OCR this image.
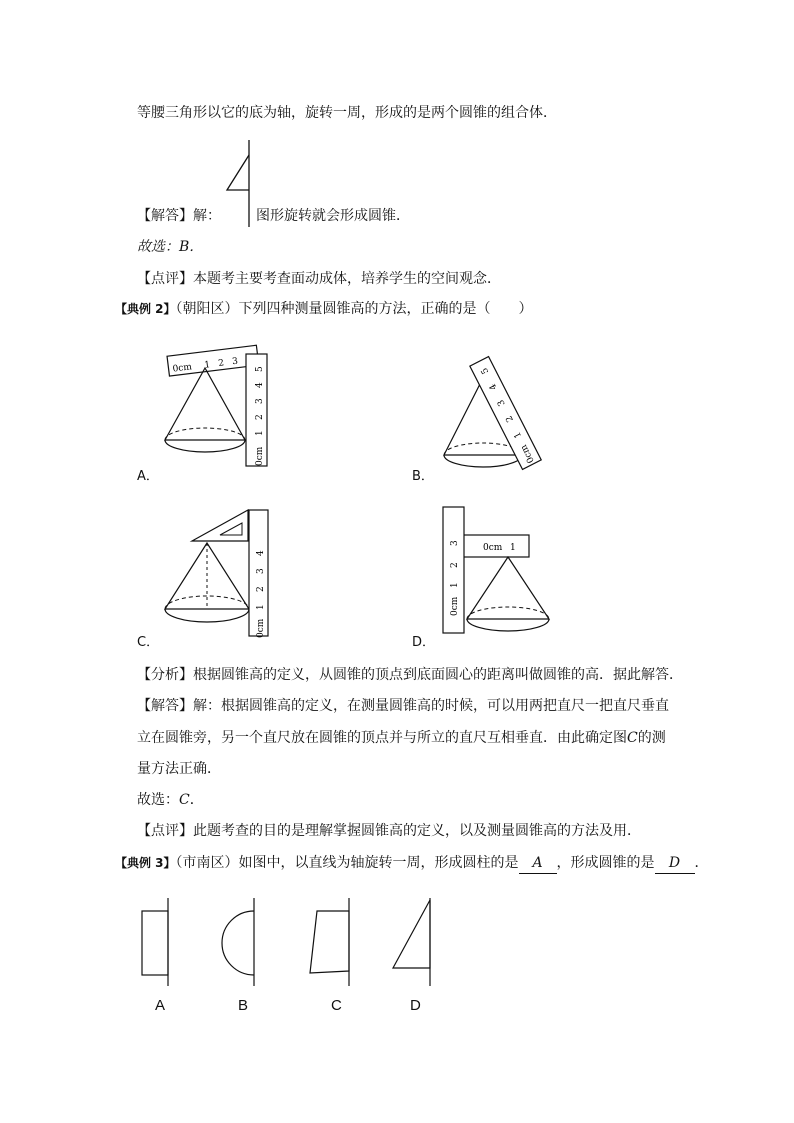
等腰三角形以它的底为轴，旋转一周，形成的是两个圆锥的组合体．
【解答】解：	图形旋转就会形成圆锥．
故选：B．
【点评】本题考主要考查面动成体，培养学生的空间观念．
【典例 2】（朝阳区）下列四种测量圆锥高的方法，正确的是（　　）
0cm 1 2 3
0cm
1
2
3
4
5
A．
0cm
1
2
3
4
5
B．
0cm
1
2
3
4
C．
0cm 1
0cm
1
2
3
D．
【分析】根据圆锥高的定义，从圆锥的顶点到底面圆心的距离叫做圆锥的高．据此解答．
【解答】解：根据圆锥高的定义，在测量圆锥高的时候，可以用两把直尺一把直尺垂直
立在圆锥旁，另一个直尺放在圆锥的顶点并与所立的直尺互相垂直．由此确定图C的测
量方法正确．
故选：C．
【点评】此题考查的目的是理解掌握圆锥高的定义，以及测量圆锥高的方法及用．
【典例 3】（市南区）如图中，以直线为轴旋转一周，形成圆柱的是 A ，形成圆锥的是 D ．
A	B	C	D
